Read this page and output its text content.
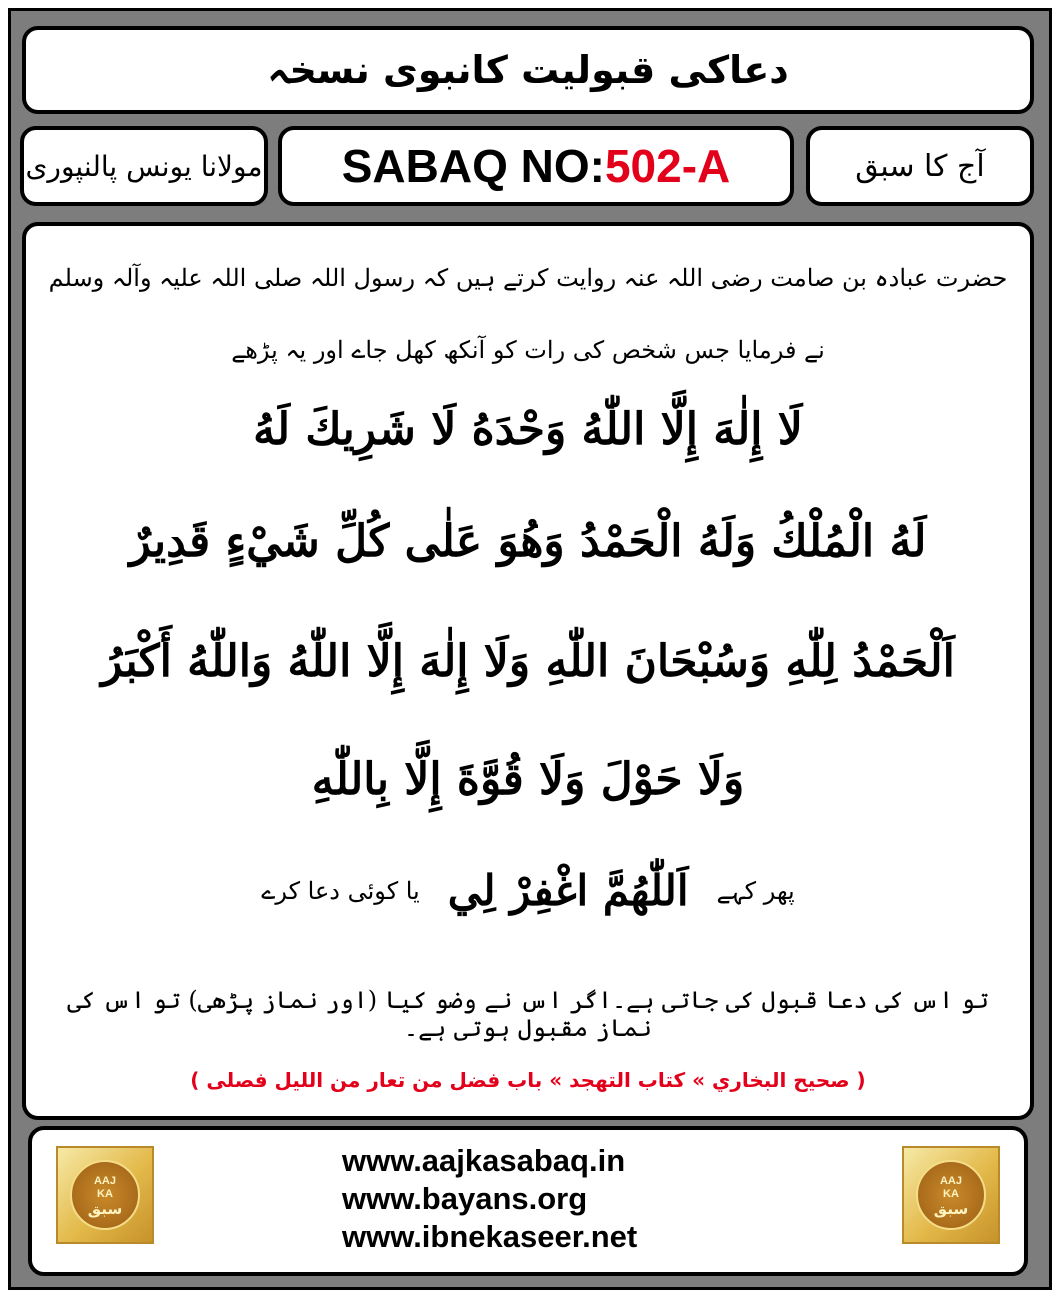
دعاکی قبولیت کانبوی نسخہ
مولانا یونس پالنپوری SABAQ NO: 502-A	آج کا سبق
حضرت عبادہ بن صامت رضی اللہ عنہ روایت کرتے ہیں کہ رسول اللہ صلی اللہ علیہ وآلہ وسلم
نے فرمایا جس شخص کی رات کو آنکھ کھل جاے اور یہ پڑھے
لَا إِلٰهَ إِلَّا اللّٰهُ وَحْدَهُ لَا شَرِيكَ لَهُ
لَهُ الْمُلْكُ وَلَهُ الْحَمْدُ وَهُوَ عَلٰى كُلِّ شَيْءٍ قَدِيرٌ
اَلْحَمْدُ لِلّٰهِ وَسُبْحَانَ اللّٰهِ وَلَا إِلٰهَ إِلَّا اللّٰهُ وَاللّٰهُ أَكْبَرُ
وَلَا حَوْلَ وَلَا قُوَّةَ إِلَّا بِاللّٰهِ
پھر کہے
اَللّٰهُمَّ اغْفِرْ لِي
یا کوئی دعا کرے
تو اس کی دعا قبول کی جاتی ہے۔اگر اس نے وضو کیا (اور نماز پڑھی) تو اس کی نماز مقبول ہوتی ہے۔
( صحیح البخاري » کتاب التهجد » باب فضل من تعار من اللیل فصلی )
AAJ
KA
سبق
www.aajkasabaq.in
www.bayans.org
www.ibnekaseer.net
AAJ
KA
سبق
